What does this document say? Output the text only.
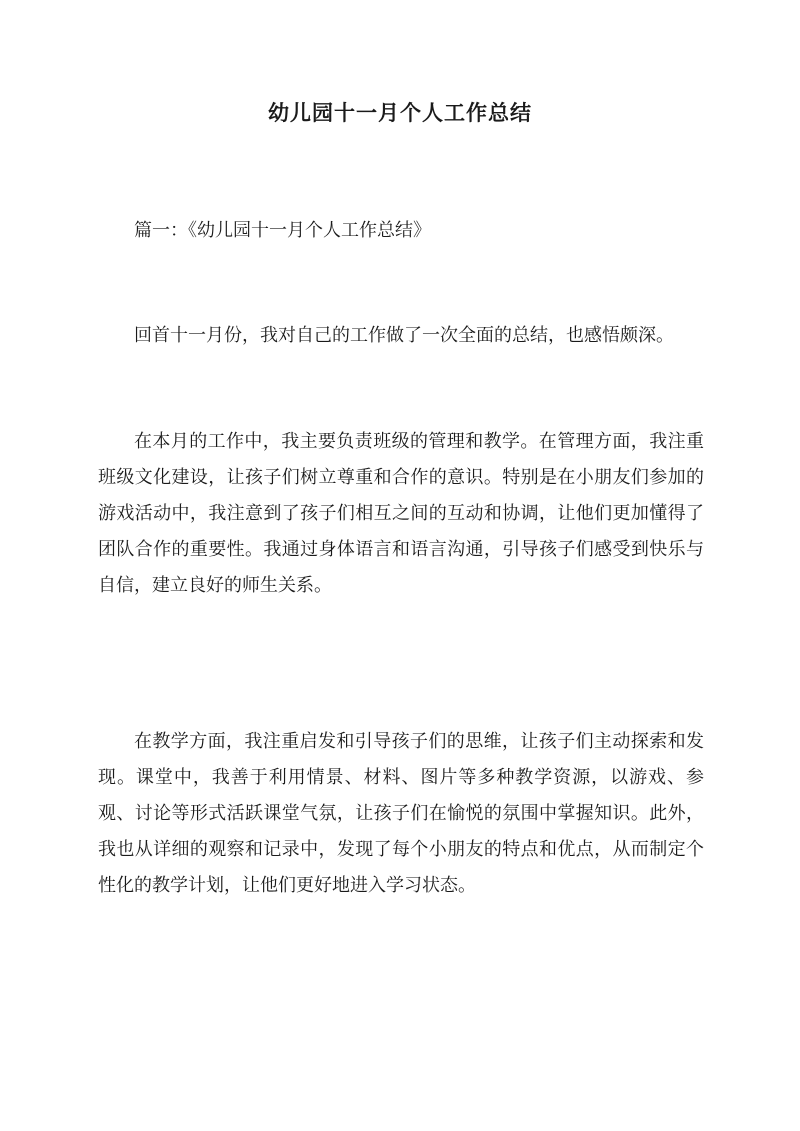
幼儿园十一月个人工作总结
篇一：《幼儿园十一月个人工作总结》

回首十一月份，我对自己的工作做了一次全面的总结，也感悟颇深。

在本月的工作中，我主要负责班级的管理和教学。在管理方面，我注重班级文化建设，让孩子们树立尊重和合作的意识。特别是在小朋友们参加的游戏活动中，我注意到了孩子们相互之间的互动和协调，让他们更加懂得了团队合作的重要性。我通过身体语言和语言沟通，引导孩子们感受到快乐与自信，建立良好的师生关系。

在教学方面，我注重启发和引导孩子们的思维，让孩子们主动探索和发现。课堂中，我善于利用情景、材料、图片等多种教学资源，以游戏、参观、讨论等形式活跃课堂气氛，让孩子们在愉悦的氛围中掌握知识。此外，我也从详细的观察和记录中，发现了每个小朋友的特点和优点，从而制定个性化的教学计划，让他们更好地进入学习状态。
